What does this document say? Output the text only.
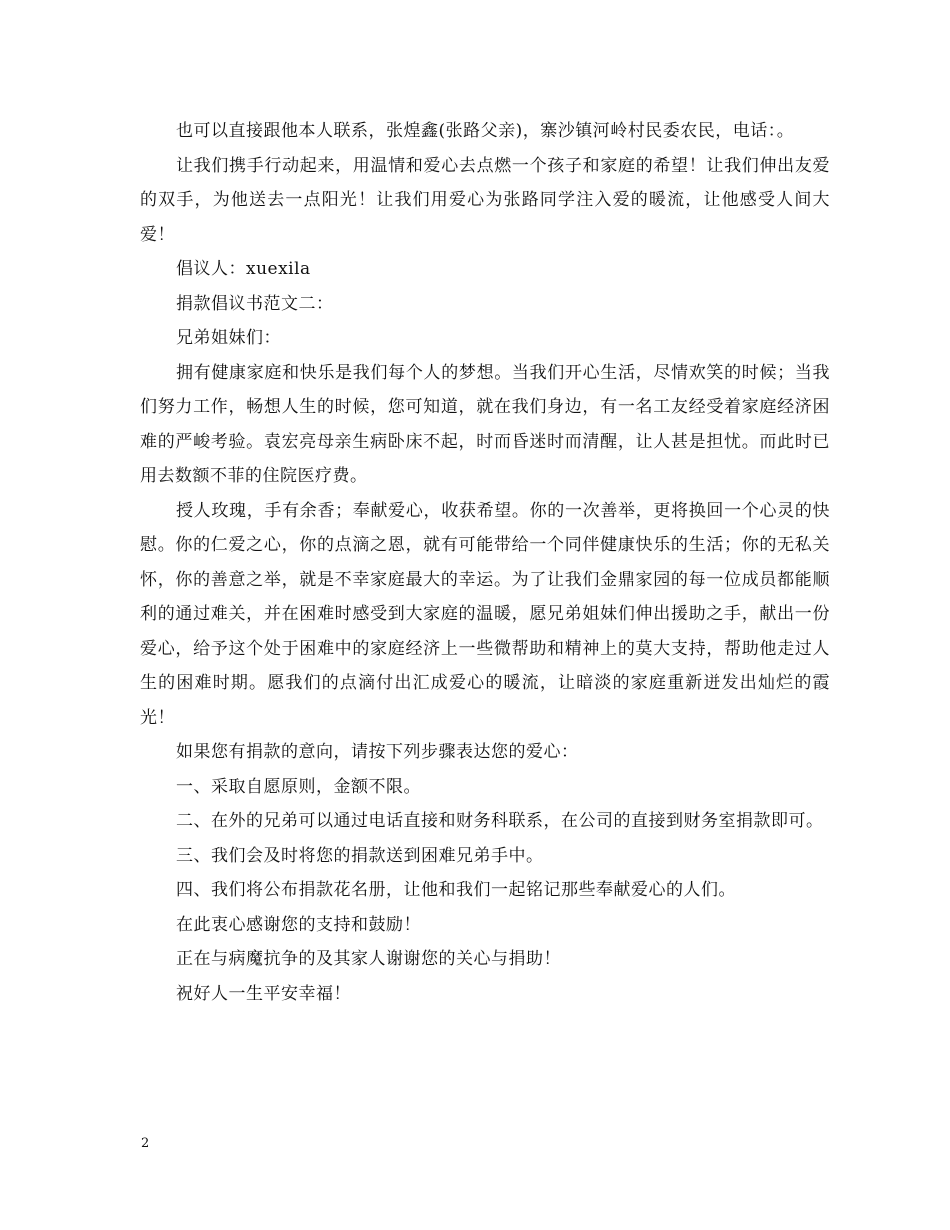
也可以直接跟他本人联系，张煌鑫(张路父亲)，寨沙镇河岭村民委农民，电话：。

让我们携手行动起来，用温情和爱心去点燃一个孩子和家庭的希望！让我们伸出友爱的双手，为他送去一点阳光！让我们用爱心为张路同学注入爱的暖流，让他感受人间大爱！

倡议人：xuexila

捐款倡议书范文二：

兄弟姐妹们：

拥有健康家庭和快乐是我们每个人的梦想。当我们开心生活，尽情欢笑的时候；当我们努力工作，畅想人生的时候，您可知道，就在我们身边，有一名工友经受着家庭经济困难的严峻考验。袁宏亮母亲生病卧床不起，时而昏迷时而清醒，让人甚是担忧。而此时已用去数额不菲的住院医疗费。

授人玫瑰，手有余香；奉献爱心，收获希望。你的一次善举，更将换回一个心灵的快慰。你的仁爱之心，你的点滴之恩，就有可能带给一个同伴健康快乐的生活；你的无私关怀，你的善意之举，就是不幸家庭最大的幸运。为了让我们金鼎家园的每一位成员都能顺利的通过难关，并在困难时感受到大家庭的温暖，愿兄弟姐妹们伸出援助之手，献出一份爱心，给予这个处于困难中的家庭经济上一些微帮助和精神上的莫大支持，帮助他走过人生的困难时期。愿我们的点滴付出汇成爱心的暖流，让暗淡的家庭重新迸发出灿烂的霞光！

如果您有捐款的意向，请按下列步骤表达您的爱心：

一、采取自愿原则，金额不限。

二、在外的兄弟可以通过电话直接和财务科联系，在公司的直接到财务室捐款即可。

三、我们会及时将您的捐款送到困难兄弟手中。

四、我们将公布捐款花名册，让他和我们一起铭记那些奉献爱心的人们。

在此衷心感谢您的支持和鼓励！

正在与病魔抗争的及其家人谢谢您的关心与捐助！

祝好人一生平安幸福！

2
